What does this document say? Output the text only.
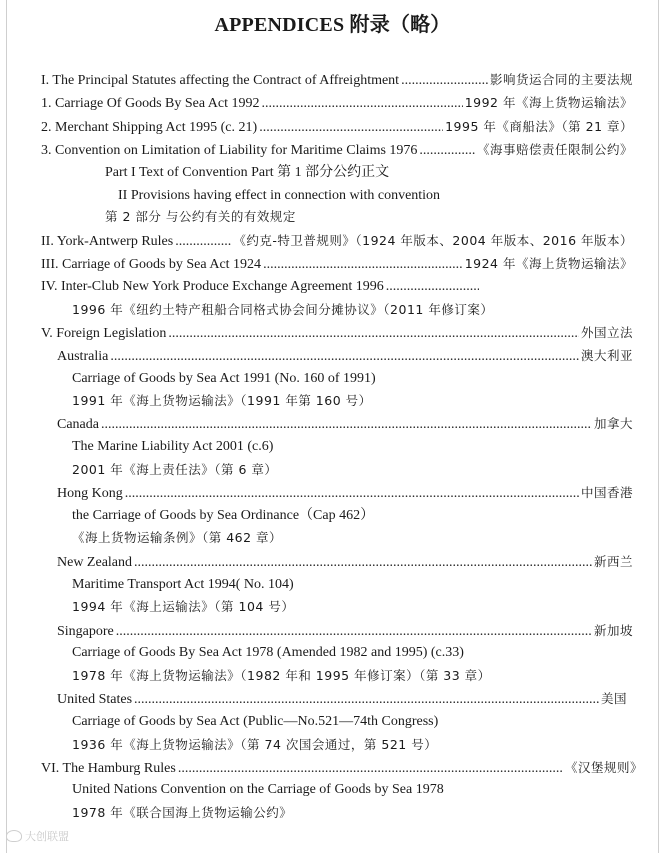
APPENDICES 附录（略）
I. The Principal Statutes affecting the Contract of Affreightment .....	影响货运合同的主要法规
1. Carriage Of Goods By Sea Act 1992 .....	1992 年《海上货物运输法》
2. Merchant Shipping Act 1995 (c. 21) .....	1995 年《商船法》（第 21 章）
3. Convention on Limitation of Liability for Maritime Claims 1976 .....	《海事赔偿责任限制公约》
Part I Text of Convention Part 第 1 部分公约正文
II Provisions having effect in connection with convention
第 2 部分 与公约有关的有效规定
II. York-Antwerp Rules .....	《约克-特卫普规则》（1924 年版本、2004 年版本、2016 年版本）
III. Carriage of Goods by Sea Act 1924 .....	1924 年《海上货物运输法》
IV. Inter-Club New York Produce Exchange Agreement 1996
.....
1996 年《纽约土特产租船合同格式协会间分摊协议》（2011 年修订案）
V. Foreign Legislation .....	外国立法
Australia .....	澳大利亚
Carriage of Goods by Sea Act 1991 (No. 160 of 1991)
1991 年《海上货物运输法》（1991 年第 160 号）
Canada .....	加拿大
The Marine Liability Act 2001 (c.6)
2001 年《海上责任法》（第 6 章）
Hong Kong .....	中国香港
the Carriage of Goods by Sea Ordinance（Cap 462）
《海上货物运输条例》（第 462 章）
New Zealand .....	新西兰
Maritime Transport Act 1994( No. 104)
1994 年《海上运输法》（第 104 号）
Singapore .....	新加坡
Carriage of Goods By Sea Act 1978 (Amended 1982 and 1995) (c.33)
1978 年《海上货物运输法》（1982 年和 1995 年修订案）（第 33 章）
United States .....	美国
Carriage of Goods by Sea Act (Public—No.521—74th Congress)
1936 年《海上货物运输法》（第 74 次国会通过，第 521 号）
VI. The Hamburg Rules .....	《汉堡规则》
United Nations Convention on the Carriage of Goods by Sea 1978
1978 年《联合国海上货物运输公约》
大创联盟
